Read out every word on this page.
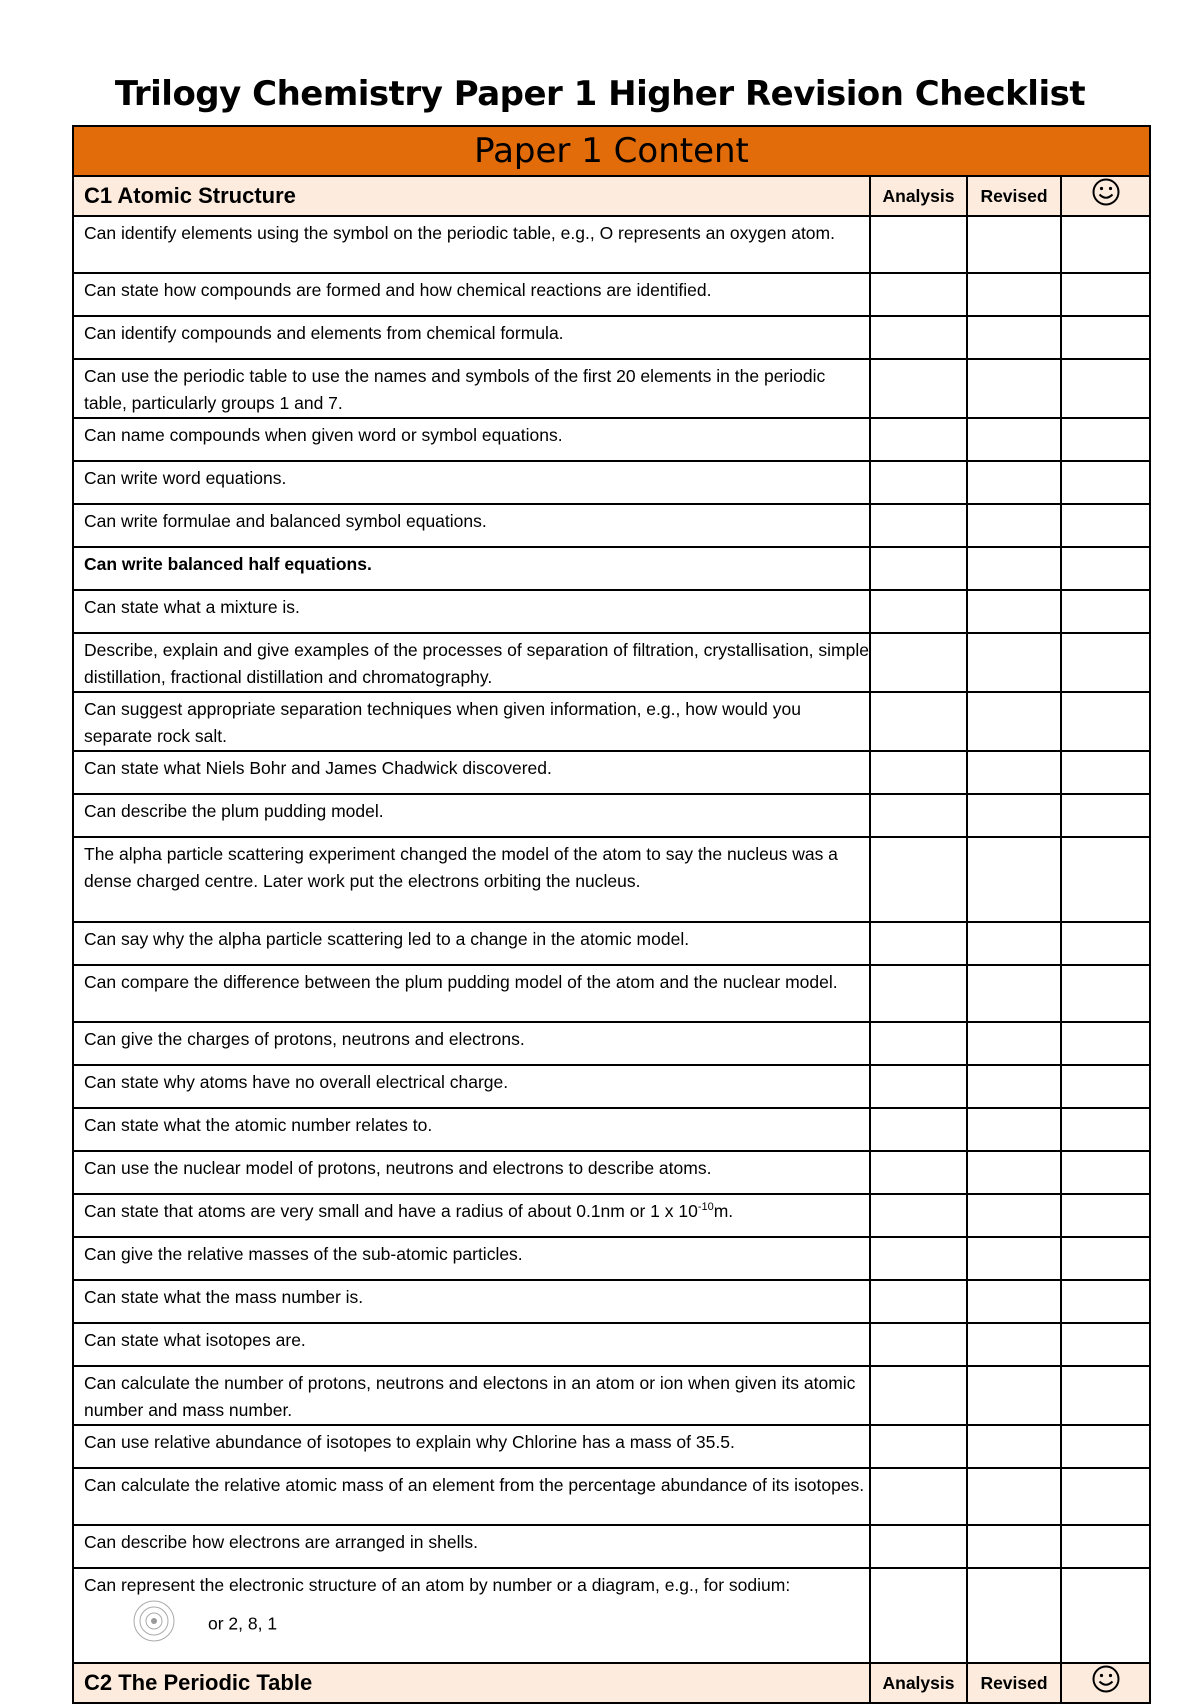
Trilogy Chemistry Paper 1 Higher Revision Checklist
Paper 1 Content			
C1 Atomic Structure	Analysis	Revised	
Can identify elements using the symbol on the periodic table, e.g., O represents an oxygen atom.			
Can state how compounds are formed and how chemical reactions are identified.			
Can identify compounds and elements from chemical formula.			
Can use the periodic table to use the names and symbols of the first 20 elements in the periodic table, particularly groups 1 and 7.			
Can name compounds when given word or symbol equations.			
Can write word equations.			
Can write formulae and balanced symbol equations.			
Can write balanced half equations.			
Can state what a mixture is.			
Describe, explain and give examples of the processes of separation of filtration, crystallisation, simple distillation, fractional distillation and chromatography.			
Can suggest appropriate separation techniques when given information, e.g., how would you separate rock salt.			
Can state what Niels Bohr and James Chadwick discovered.			
Can describe the plum pudding model.			
The alpha particle scattering experiment changed the model of the atom to say the nucleus was a dense charged centre. Later work put the electrons orbiting the nucleus.			
Can say why the alpha particle scattering led to a change in the atomic model.			
Can compare the difference between the plum pudding model of the atom and the nuclear model.			
Can give the charges of protons, neutrons and electrons.			
Can state why atoms have no overall electrical charge.			
Can state what the atomic number relates to.			
Can use the nuclear model of protons, neutrons and electrons to describe atoms.			
Can state that atoms are very small and have a radius of about 0.1nm or 1 x $10^{-10}m$.			
Can give the relative masses of the sub-atomic particles.			
Can state what the mass number is.			
Can state what isotopes are.			
Can calculate the number of protons, neutrons and electons in an atom or ion when given its atomic number and mass number.			
Can use relative abundance of isotopes to explain why Chlorine has a mass of 35.5.			
Can calculate the relative atomic mass of an element from the percentage abundance of its isotopes.			
Can describe how electrons are arranged in shells.			
Can represent the electronic structure of an atom by number or a diagram, e.g., for sodium:or 2, 8, 1			
C2 The Periodic Table	Analysis	Revised	
